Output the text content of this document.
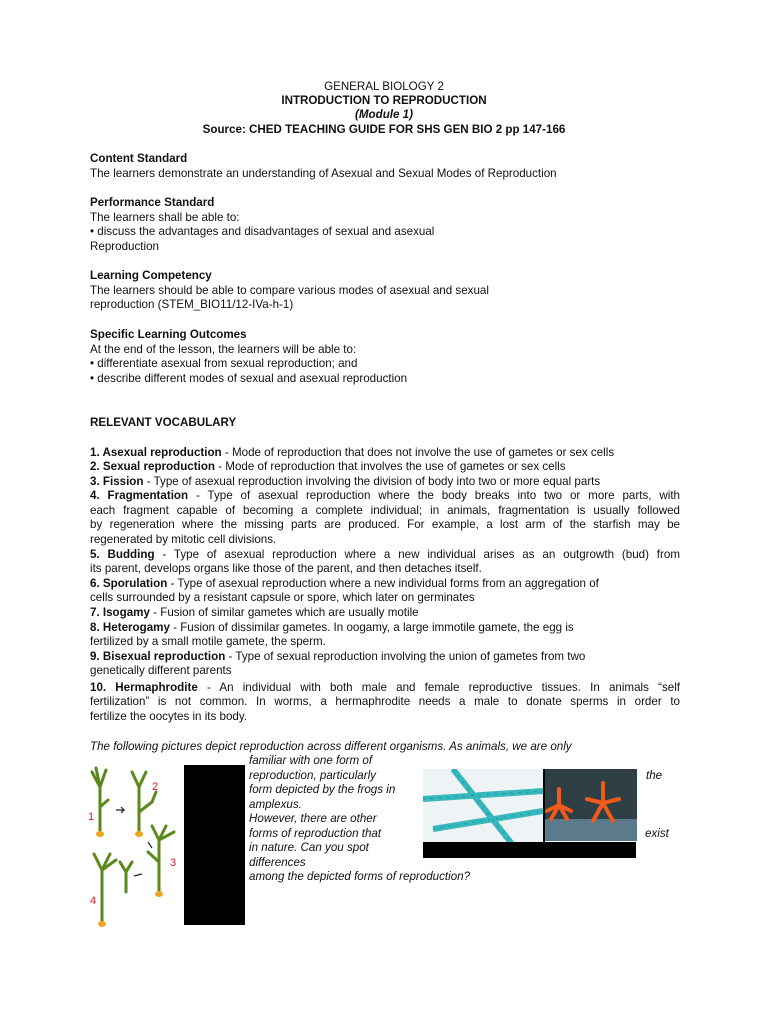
GENERAL BIOLOGY 2
INTRODUCTION TO REPRODUCTION
(Module 1)
Source: CHED TEACHING GUIDE FOR SHS GEN BIO 2 pp 147-166
Content Standard
The learners demonstrate an understanding of Asexual and Sexual Modes of Reproduction
Performance Standard
The learners shall be able to:
• discuss the advantages and disadvantages of sexual and asexual
Reproduction
Learning Competency
The learners should be able to compare various modes of asexual and sexual
reproduction (STEM_BIO11/12-IVa-h-1)
Specific Learning Outcomes
At the end of the lesson, the learners will be able to:
• differentiate asexual from sexual reproduction; and
• describe different modes of sexual and asexual reproduction
RELEVANT VOCABULARY
1. Asexual reproduction - Mode of reproduction that does not involve the use of gametes or sex cells
2. Sexual reproduction - Mode of reproduction that involves the use of gametes or sex cells
3. Fission - Type of asexual reproduction involving the division of body into two or more equal parts
4. Fragmentation - Type of asexual reproduction where the body breaks into two or more parts, with
each fragment capable of becoming a complete individual; in animals, fragmentation is usually followed
by regeneration where the missing parts are produced. For example, a lost arm of the starfish may be
regenerated by mitotic cell divisions.
5. Budding - Type of asexual reproduction where a new individual arises as an outgrowth (bud) from
its parent, develops organs like those of the parent, and then detaches itself.
6. Sporulation - Type of asexual reproduction where a new individual forms from an aggregation of
cells surrounded by a resistant capsule or spore, which later on germinates
7. Isogamy - Fusion of similar gametes which are usually motile
8. Heterogamy - Fusion of dissimilar gametes. In oogamy, a large immotile gamete, the egg is
fertilized by a small motile gamete, the sperm.
9. Bisexual reproduction - Type of sexual reproduction involving the union of gametes from two
genetically different parents
10. Hermaphrodite - An individual with both male and female reproductive tissues. In animals “self
fertilization” is not common. In worms, a hermaphrodite needs a male to donate sperms in order to
fertilize the oocytes in its body.
The following pictures depict reproduction across different organisms. As animals, we are only
familiar with one form of
reproduction, particularly	the
form depicted by the frogs in
amplexus.
However, there are other
forms of reproduction that	exist
in nature. Can you spot
differences
among the depicted forms of reproduction?
1
2
3
4
